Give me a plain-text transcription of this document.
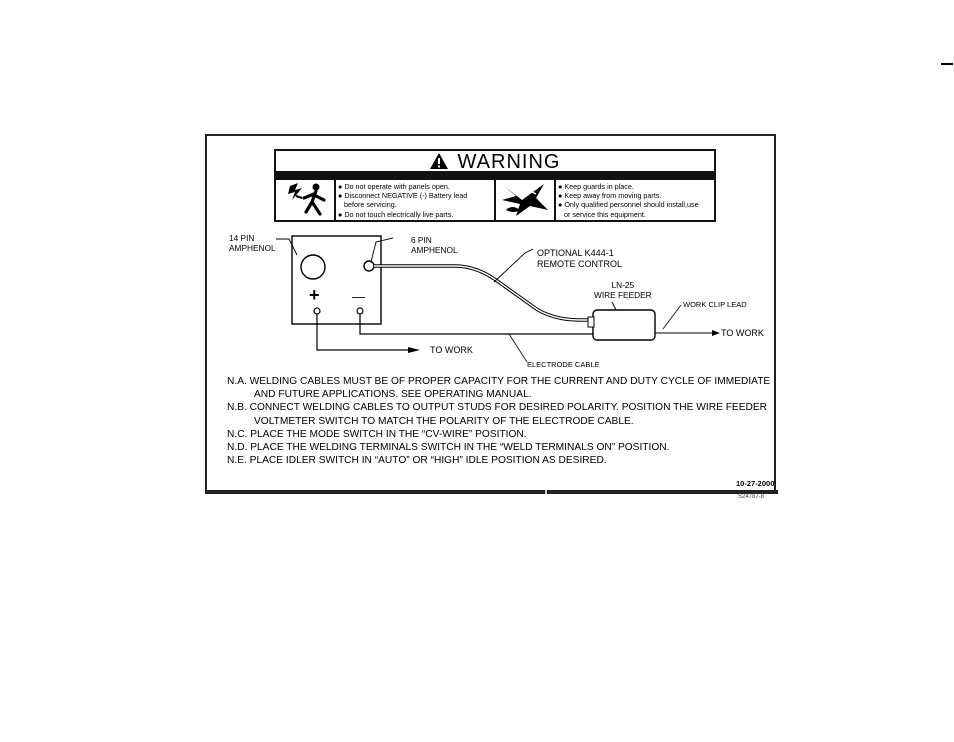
WARNING
● Do not operate with panels open.
● Disconnect NEGATIVE (-) Battery lead
before servicing.
● Do not touch electrically live parts.
● Keep guards in place.
● Keep away from moving parts.
● Only qualified personnel should install,use
or service this equipment.
14 PIN
AMPHENOL
6 PIN
AMPHENOL	OPTIONAL K444-1
REMOTE CONTROL
LN-25
WIRE FEEDER
WORK CLIP LEAD
TO WORK
TO WORK
ELECTRODE CABLE
+ —
N.A. WELDING CABLES MUST BE OF PROPER CAPACITY FOR THE CURRENT AND DUTY CYCLE OF IMMEDIATE
AND FUTURE APPLICATIONS. SEE OPERATING MANUAL.
N.B. CONNECT WELDING CABLES TO OUTPUT STUDS FOR DESIRED POLARITY. POSITION THE WIRE FEEDER
VOLTMETER SWITCH TO MATCH THE POLARITY OF THE ELECTRODE CABLE.
N.C. PLACE THE MODE SWITCH IN THE “CV-WIRE” POSITION.
N.D. PLACE THE WELDING TERMINALS SWITCH IN THE “WELD TERMINALS ON” POSITION.
N.E. PLACE IDLER SWITCH IN “AUTO” OR “HIGH” IDLE POSITION AS DESIRED.
10-27-2000
S24787-8
